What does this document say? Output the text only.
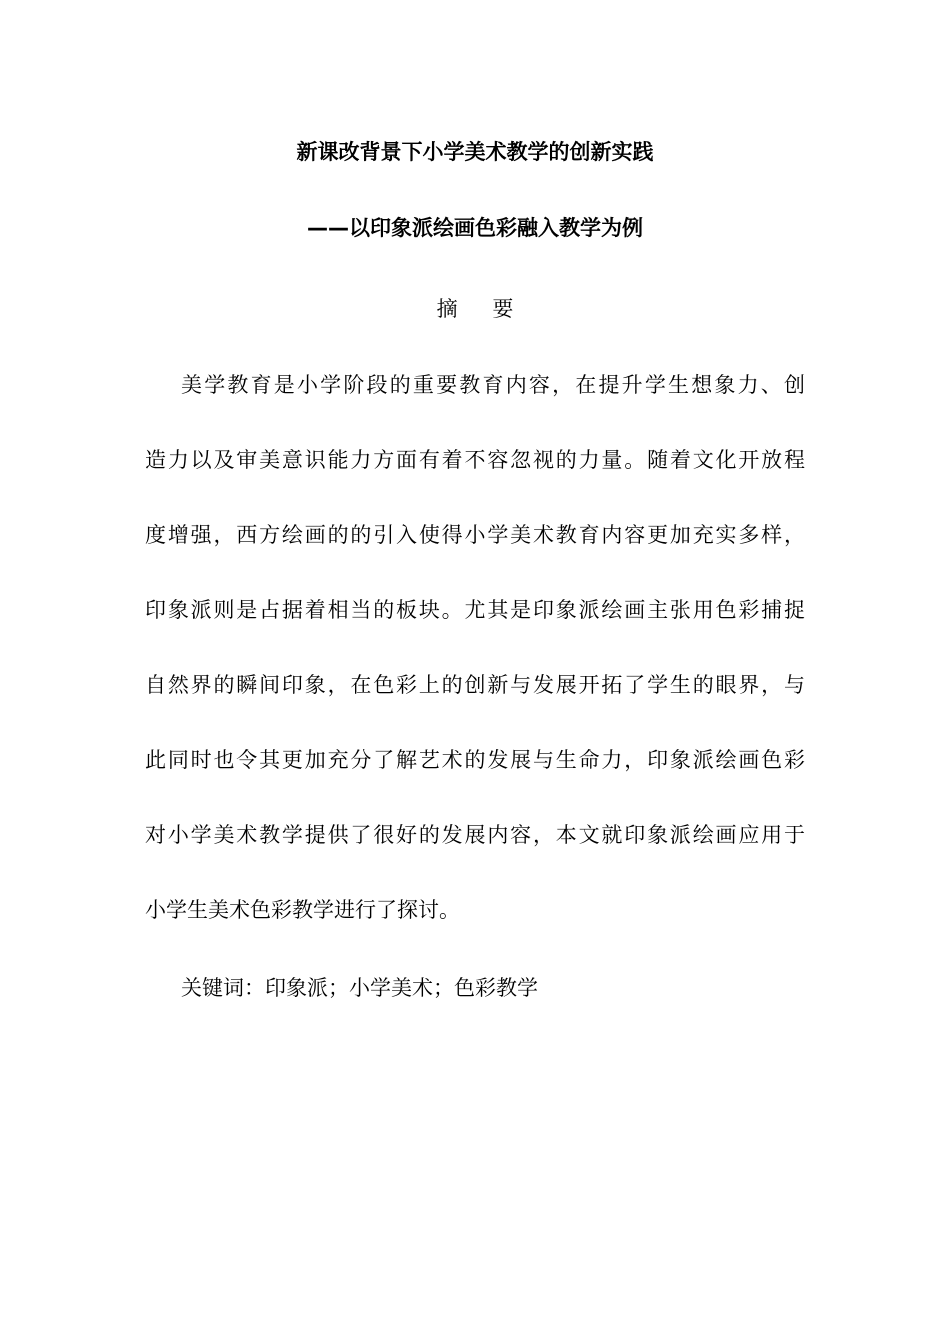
新课改背景下小学美术教学的创新实践
——以印象派绘画色彩融入教学为例
摘 要
美学教育是小学阶段的重要教育内容，在提升学生想象力、创
造力以及审美意识能力方面有着不容忽视的力量。随着文化开放程
度增强，西方绘画的的引入使得小学美术教育内容更加充实多样，
印象派则是占据着相当的板块。尤其是印象派绘画主张用色彩捕捉
自然界的瞬间印象，在色彩上的创新与发展开拓了学生的眼界，与
此同时也令其更加充分了解艺术的发展与生命力，印象派绘画色彩
对小学美术教学提供了很好的发展内容，本文就印象派绘画应用于
小学生美术色彩教学进行了探讨。
关键词：印象派；小学美术；色彩教学
